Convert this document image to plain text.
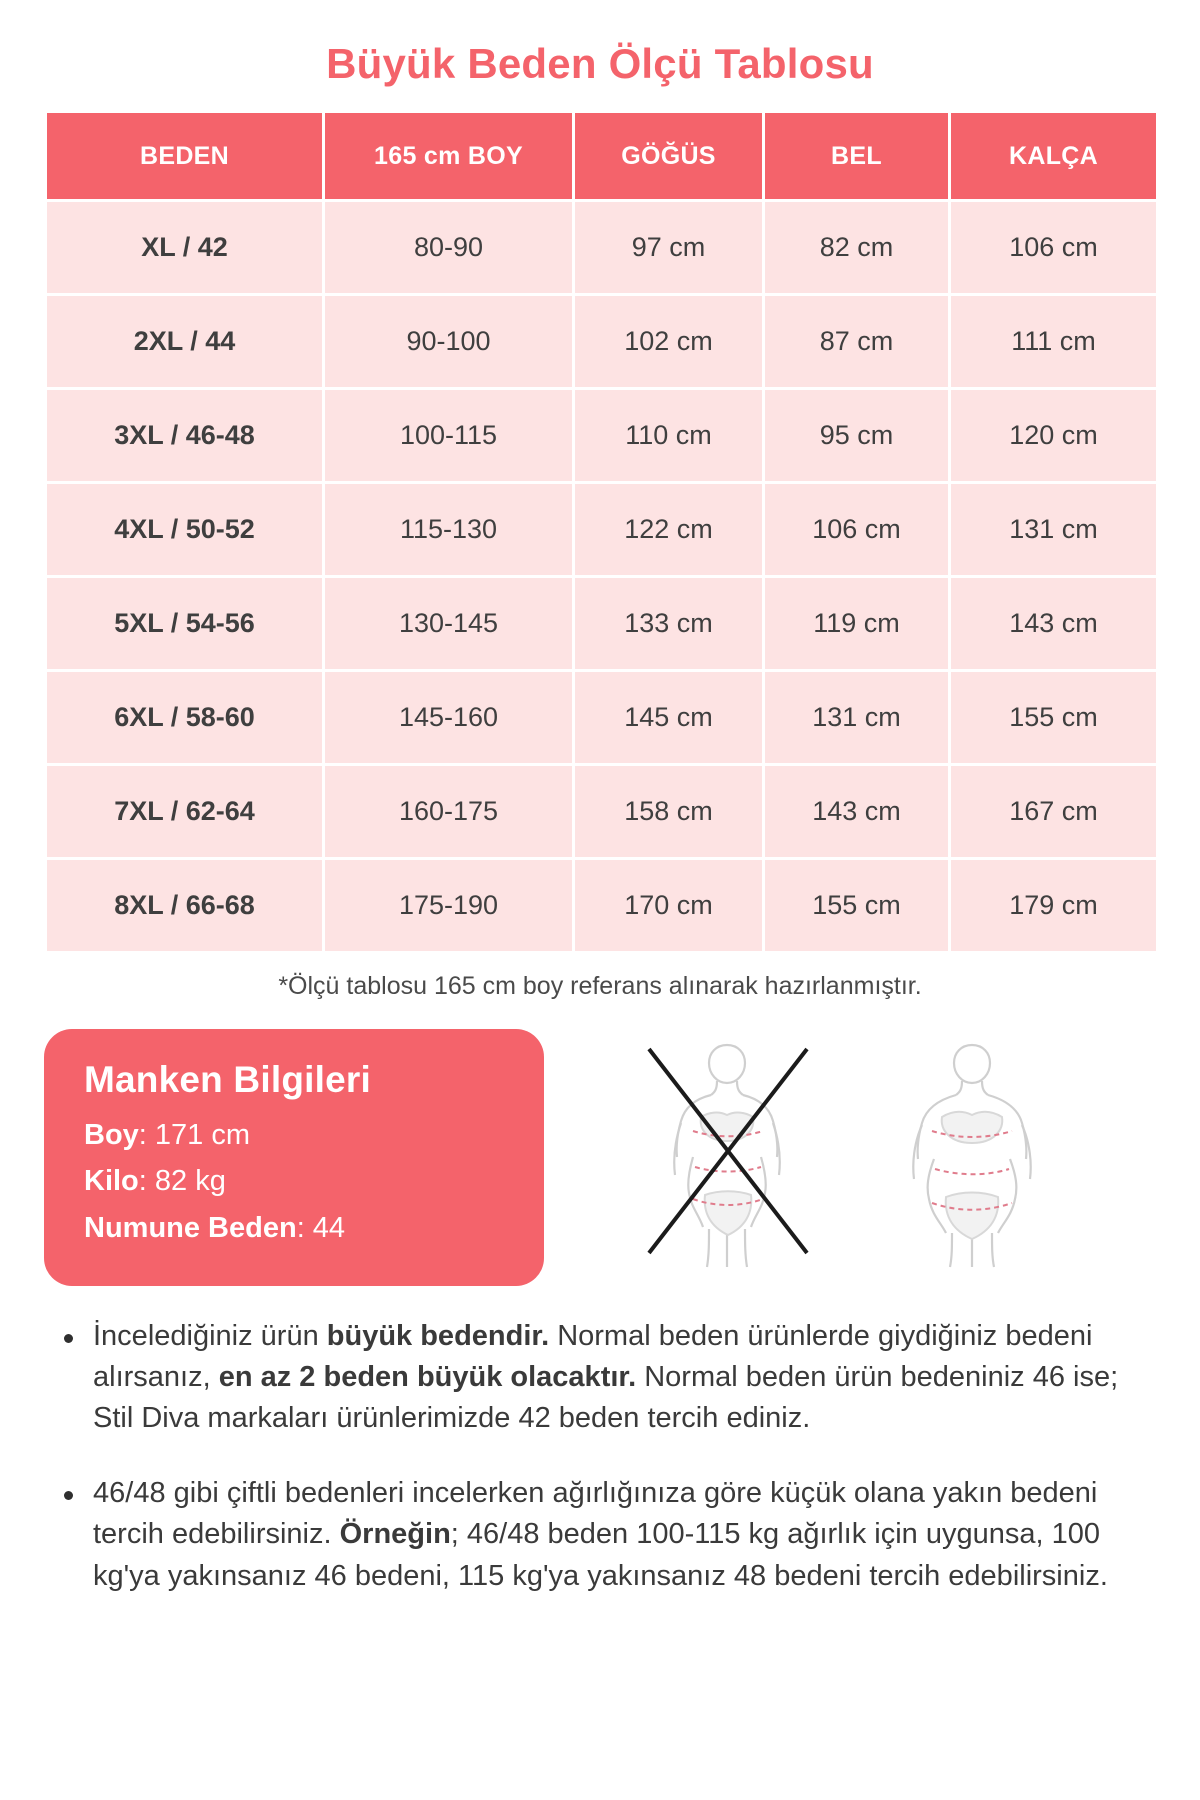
Büyük Beden Ölçü Tablosu
BEDEN	165 cm BOY	GÖĞÜS	BEL	KALÇA
XL / 42	80-90	97 cm	82 cm	106 cm
2XL / 44	90-100	102 cm	87 cm	111 cm
3XL / 46-48	100-115	110 cm	95 cm	120 cm
4XL / 50-52	115-130	122 cm	106 cm	131 cm
5XL / 54-56	130-145	133 cm	119 cm	143 cm
6XL / 58-60	145-160	145 cm	131 cm	155 cm
7XL / 62-64	160-175	158 cm	143 cm	167 cm
8XL / 66-68	175-190	170 cm	155 cm	179 cm
*Ölçü tablosu 165 cm boy referans alınarak hazırlanmıştır.
Manken Bilgileri
Boy: 171 cm
Kilo: 82 kg
Numune Beden: 44
İncelediğiniz ürün büyük bedendir. Normal beden ürünlerde giydiğiniz bedeni alırsanız, en az 2 beden büyük olacaktır. Normal beden ürün bedeniniz 46 ise; Stil Diva markaları ürünlerimizde 42 beden tercih ediniz.
46/48 gibi çiftli bedenleri incelerken ağırlığınıza göre küçük olana yakın bedeni tercih edebilirsiniz. Örneğin; 46/48 beden 100-115 kg ağırlık için uygunsa, 100 kg'ya yakınsanız 46 bedeni, 115 kg'ya yakınsanız 48 bedeni tercih edebilirsiniz.
